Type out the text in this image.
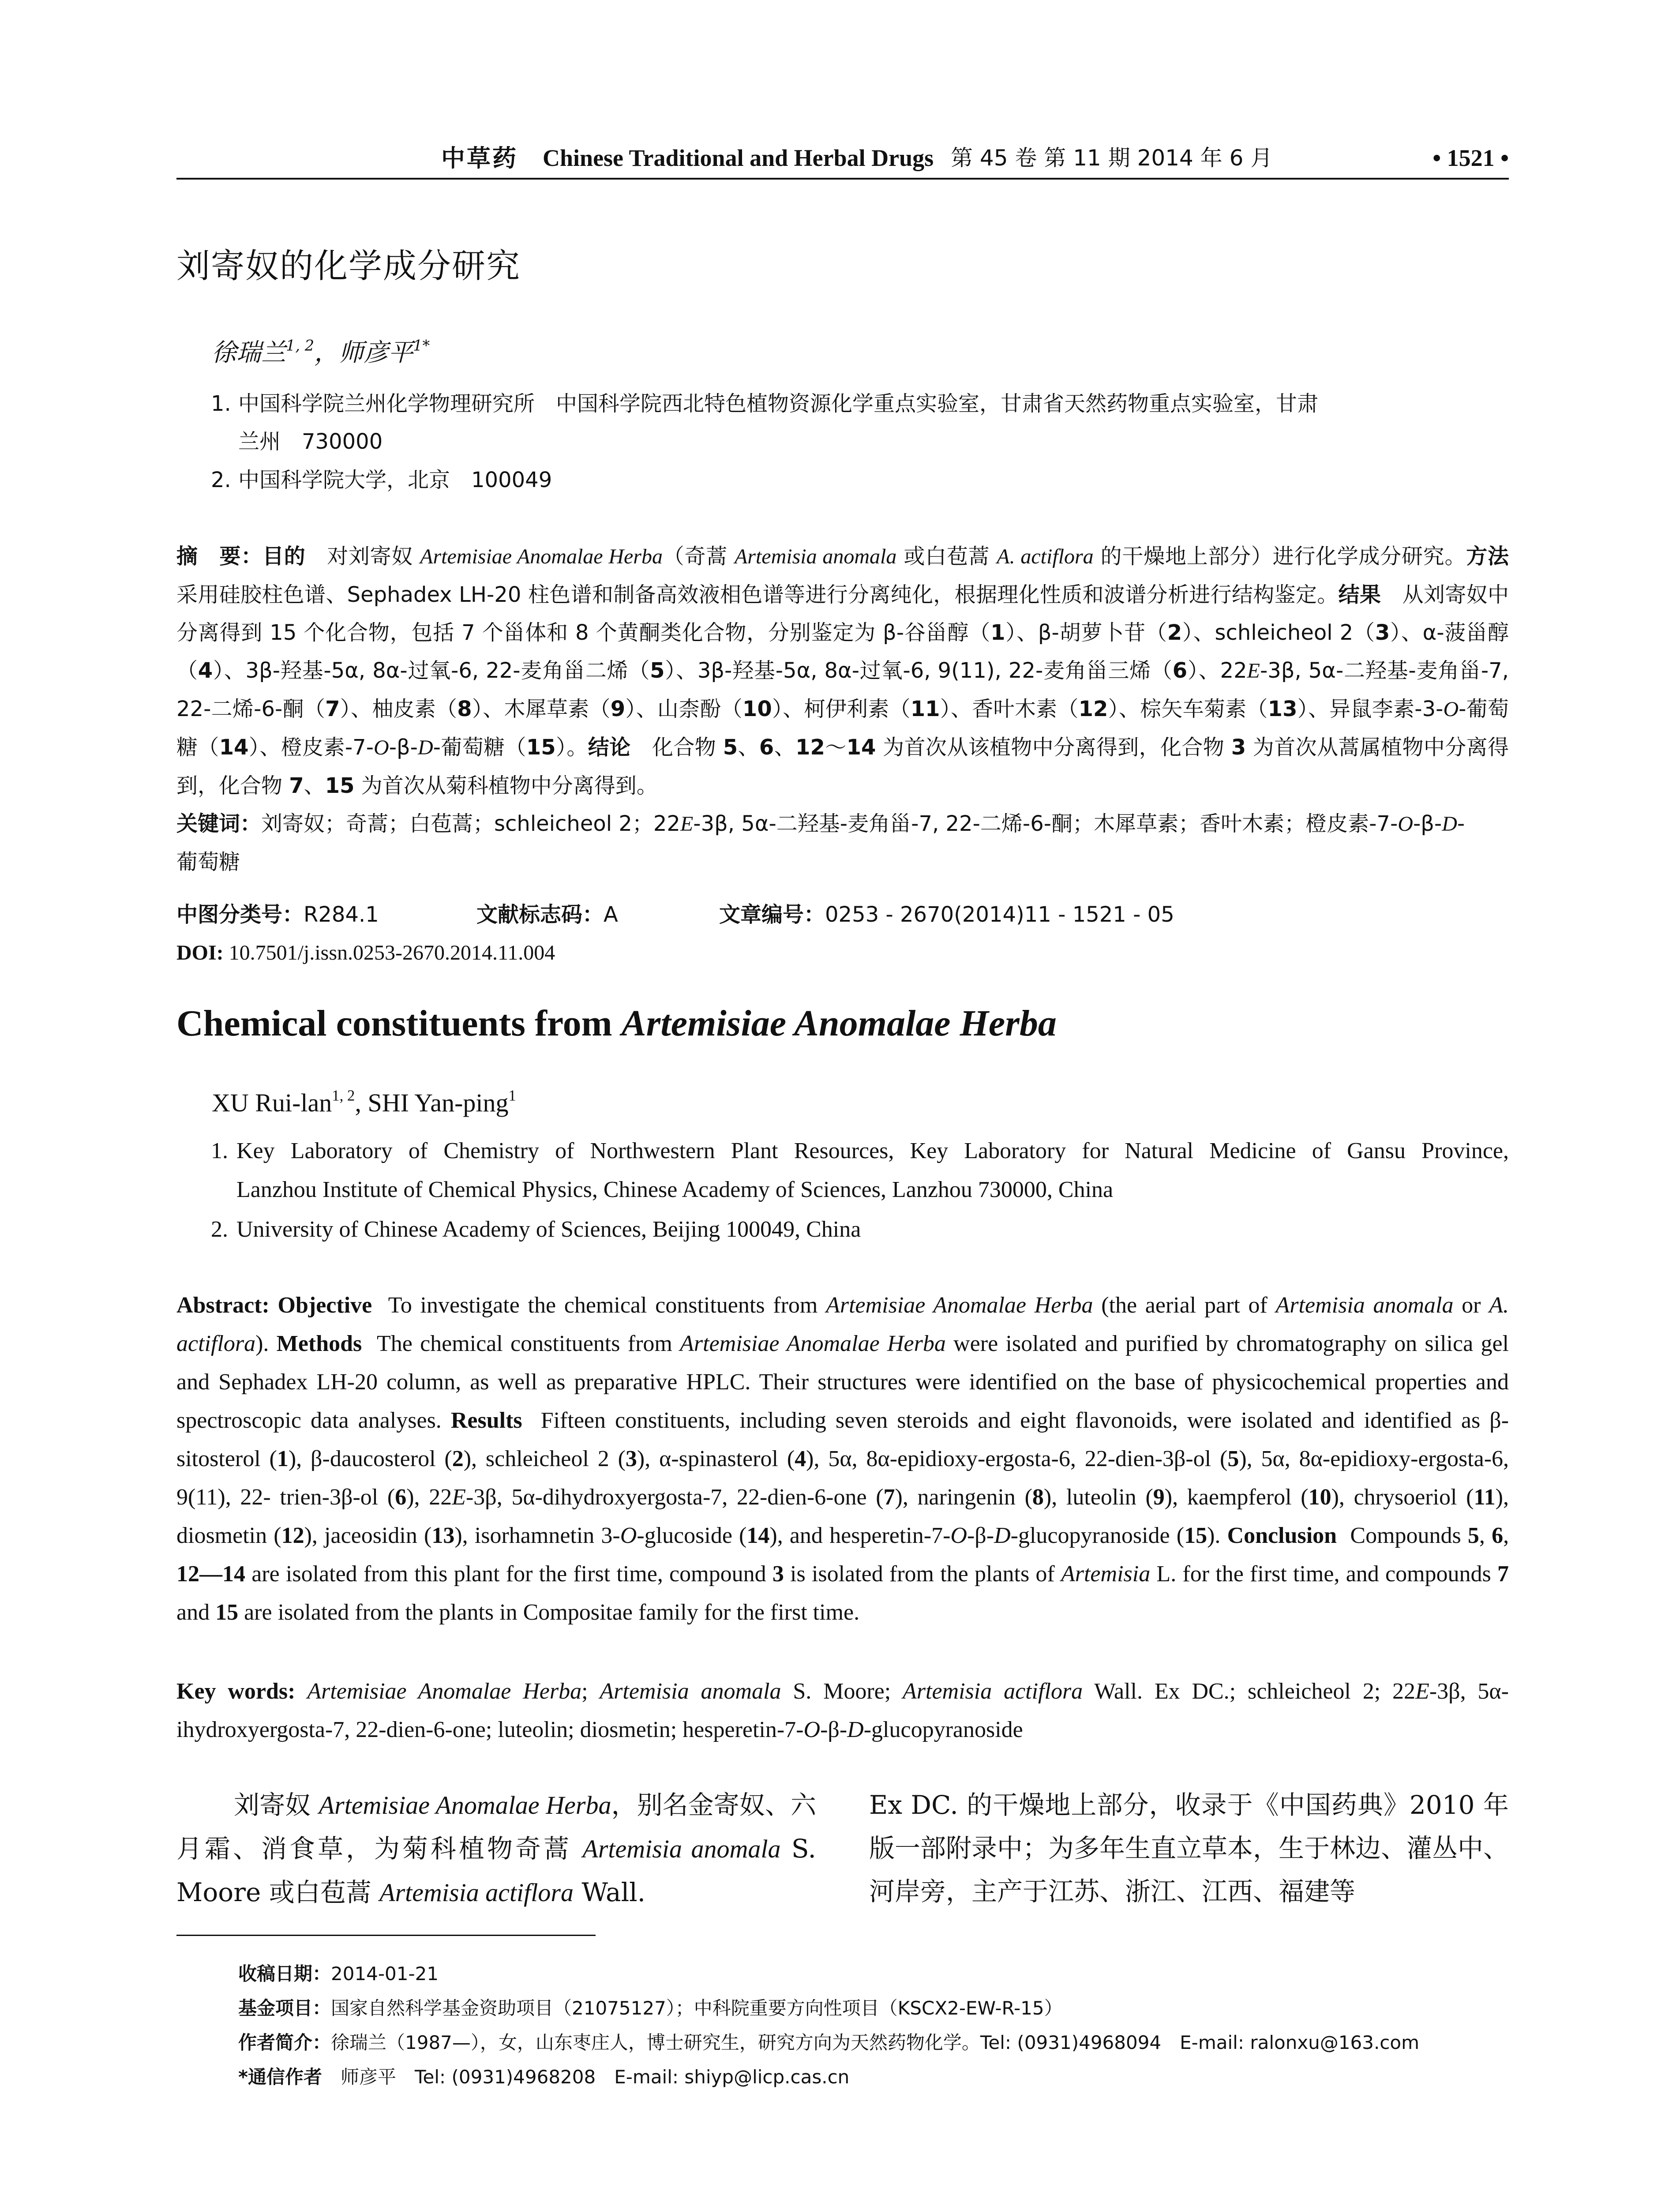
中草药 Chinese Traditional and Herbal Drugs 第 45 卷 第 11 期 2014 年 6 月	• 1521 •
刘寄奴的化学成分研究
徐瑞兰$^{1, 2}$，师彦平$^{1*}$
1. 中国科学院兰州化学物理研究所　中国科学院西北特色植物资源化学重点实验室，甘肃省天然药物重点实验室，甘肃
兰州　730000
2. 中国科学院大学，北京　100049
摘　要：目的　 对刘寄奴 Artemisiae Anomalae Herba（奇蒿 Artemisia anomala 或白苞蒿 A. actiflora 的干燥地上部分）进行化学成分研究。方法　采用硅胶柱色谱、Sephadex LH-20 柱色谱和制备高效液相色谱等进行分离纯化，根据理化性质和波谱分析进行结构鉴定。结果　 从刘寄奴中分离得到 15 个化合物，包括 7 个甾体和 8 个黄酮类化合物，分别鉴定为 β-谷甾醇（1）、β-胡萝卜苷（2）、schleicheol 2（3）、α-菠甾醇（4）、3β-羟基-5α, 8α-过氧-6, 22-麦角甾二烯（5）、3β-羟基-5α, 8α-过氧-6, 9(11), 22-麦角甾三烯（6）、22E-3β, 5α-二羟基-麦角甾-7, 22-二烯-6-酮（7）、柚皮素（8）、木犀草素（9）、山柰酚（10）、柯伊利素（11）、香叶木素（12）、棕矢车菊素（13）、异鼠李素-3-O-葡萄糖（14）、橙皮素-7-O-β-D-葡萄糖（15）。结论　 化合物 5、6、12～14 为首次从该植物中分离得到，化合物 3 为首次从蒿属植物中分离得到，化合物 7、15 为首次从菊科植物中分离得到。
关键词：刘寄奴；奇蒿；白苞蒿；schleicheol 2；22E-3β, 5α-二羟基-麦角甾-7, 22-二烯-6-酮；木犀草素；香叶木素；橙皮素-7-O-β-D-
葡萄糖
中图分类号：R284.1	文献标志码：A	文章编号：0253 - 2670(2014)11 - 1521 - 05
DOI: 10.7501/j.issn.0253-2670.2014.11.004
Chemical constituents from Artemisiae Anomalae Herba
XU Rui-lan$^{1, 2}$, SHI Yan-ping$^1$
1. Key Laboratory of Chemistry of Northwestern Plant Resources, Key Laboratory for Natural Medicine of Gansu Province,
Lanzhou Institute of Chemical Physics, Chinese Academy of Sciences, Lanzhou 730000, China
2. University of Chinese Academy of Sciences, Beijing 100049, China
Abstract: Objective To investigate the chemical constituents from Artemisiae Anomalae Herba (the aerial part of Artemisia anomala or A. actiflora). Methods The chemical constituents from Artemisiae Anomalae Herba were isolated and purified by chromatography on silica gel and Sephadex LH-20 column, as well as preparative HPLC. Their structures were identified on the base of physicochemical properties and spectroscopic data analyses. Results Fifteen constituents, including seven steroids and eight flavonoids, were isolated and identified as β-sitosterol (1), β-daucosterol (2), schleicheol 2 (3), α-spinasterol (4), 5α, 8α-epidioxy-ergosta-6, 22-dien-3β-ol (5), 5α, 8α-epidioxy-ergosta-6, 9(11), 22- trien-3β-ol (6), 22E-3β, 5α-dihydroxyergosta-7, 22-dien-6-one (7), naringenin (8), luteolin (9), kaempferol (10), chrysoeriol (11), diosmetin (12), jaceosidin (13), isorhamnetin 3-O-glucoside (14), and hesperetin-7-O-β-D-glucopyranoside (15). Conclusion Compounds 5, 6, 12—14 are isolated from this plant for the first time, compound 3 is isolated from the plants of Artemisia L. for the first time, and compounds 7 and 15 are isolated from the plants in Compositae family for the first time.
Key words: Artemisiae Anomalae Herba; Artemisia anomala S. Moore; Artemisia actiflora Wall. Ex DC.; schleicheol 2; 22E-3β, 5α-ihydroxyergosta-7, 22-dien-6-one; luteolin; diosmetin; hesperetin-7-O-β-D-glucopyranoside
刘寄奴 Artemisiae Anomalae Herba，别名金寄奴、六月霜、消食草，为菊科植物奇蒿 Artemisia anomala S. Moore 或白苞蒿 Artemisia actiflora Wall.
Ex DC. 的干燥地上部分，收录于《中国药典》2010 年版一部附录中；为多年生直立草本，生于林边、灌丛中、河岸旁，主产于江苏、浙江、江西、福建等
收稿日期：2014-01-21
基金项目：国家自然科学基金资助项目（21075127）；中科院重要方向性项目（KSCX2-EW-R-15）
作者简介：徐瑞兰（1987—），女，山东枣庄人，博士研究生，研究方向为天然药物化学。Tel: (0931)4968094　E-mail: ralonxu@163.com
*通信作者　师彦平　Tel: (0931)4968208　E-mail: shiyp@licp.cas.cn
